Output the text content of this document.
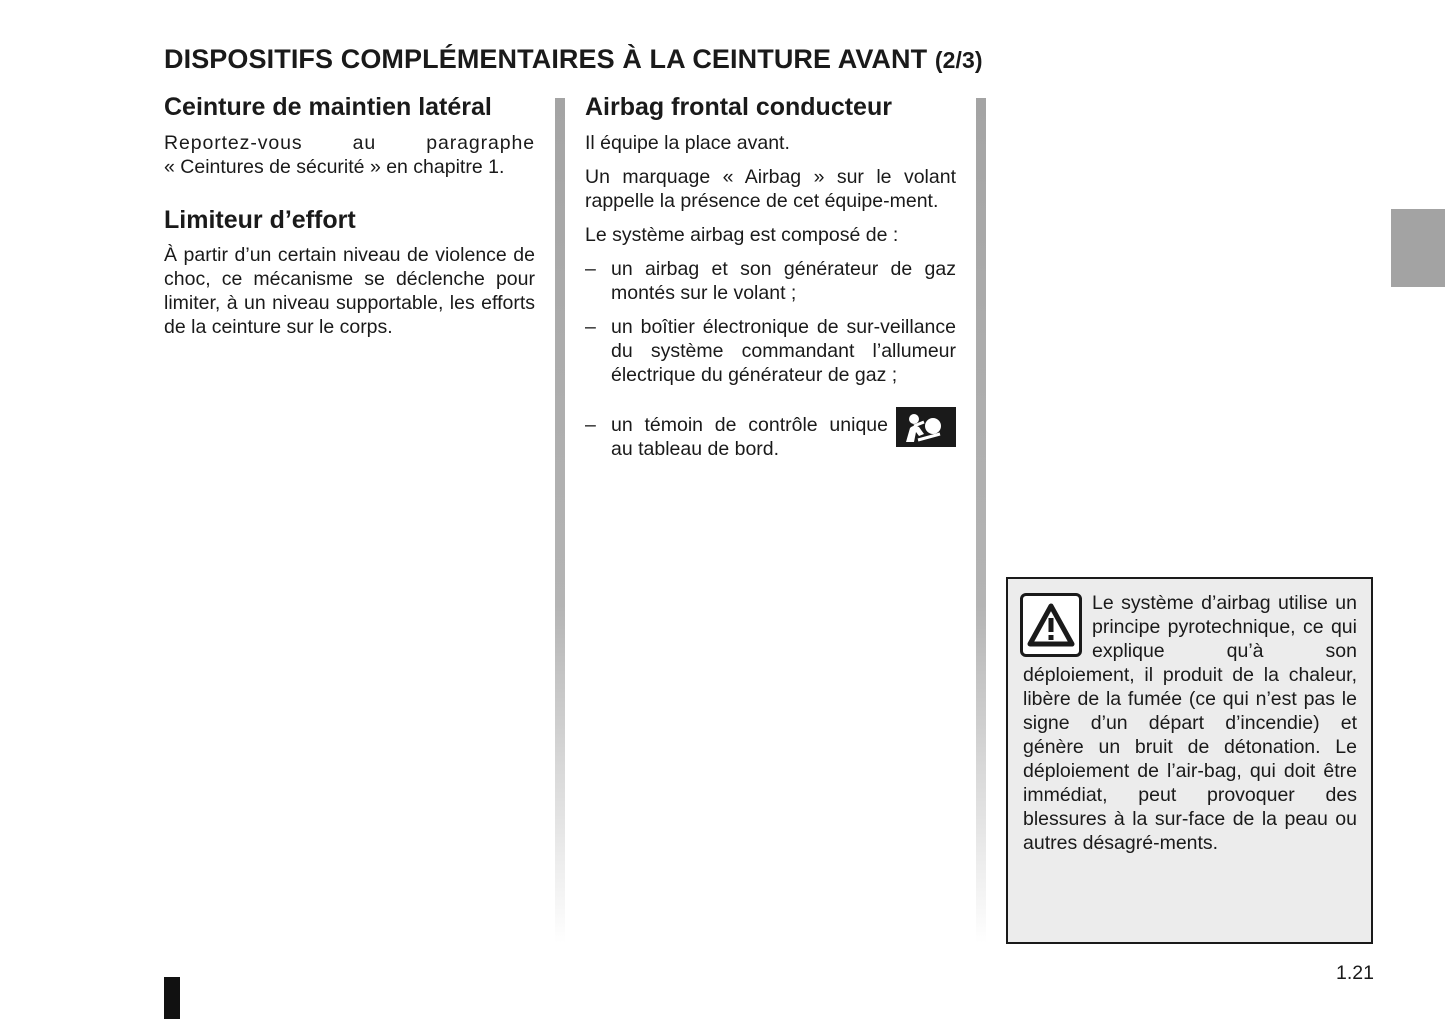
DISPOSITIFS COMPLÉMENTAIRES À LA CEINTURE AVANT (2/3)
Ceinture de maintien latéral

Reportez-vous au paragraphe
« Ceintures de sécurité » en chapitre 1.

Limiteur d’effort

À partir d’un certain niveau de violence de choc, ce mécanisme se déclenche pour limiter, à un niveau supportable, les efforts de la ceinture sur le corps.

Airbag frontal conducteur

Il équipe la place avant.

Un marquage « Airbag » sur le volant rappelle la présence de cet équipe-ment.

Le système airbag est composé de :

– un airbag et son générateur de gaz montés sur le volant ;
– un boîtier électronique de sur-veillance du système commandant l’allumeur électrique du générateur de gaz ;
– un témoin de contrôle unique au tableau de bord.

Le système d’airbag utilise un principe pyrotechnique, ce qui explique qu’à son déploiement, il produit de la chaleur, libère de la fumée (ce qui n’est pas le signe d’un départ d’incendie) et génère un bruit de détonation. Le déploiement de l’air-bag, qui doit être immédiat, peut provoquer des blessures à la sur-face de la peau ou autres désagré-ments.

1.21
